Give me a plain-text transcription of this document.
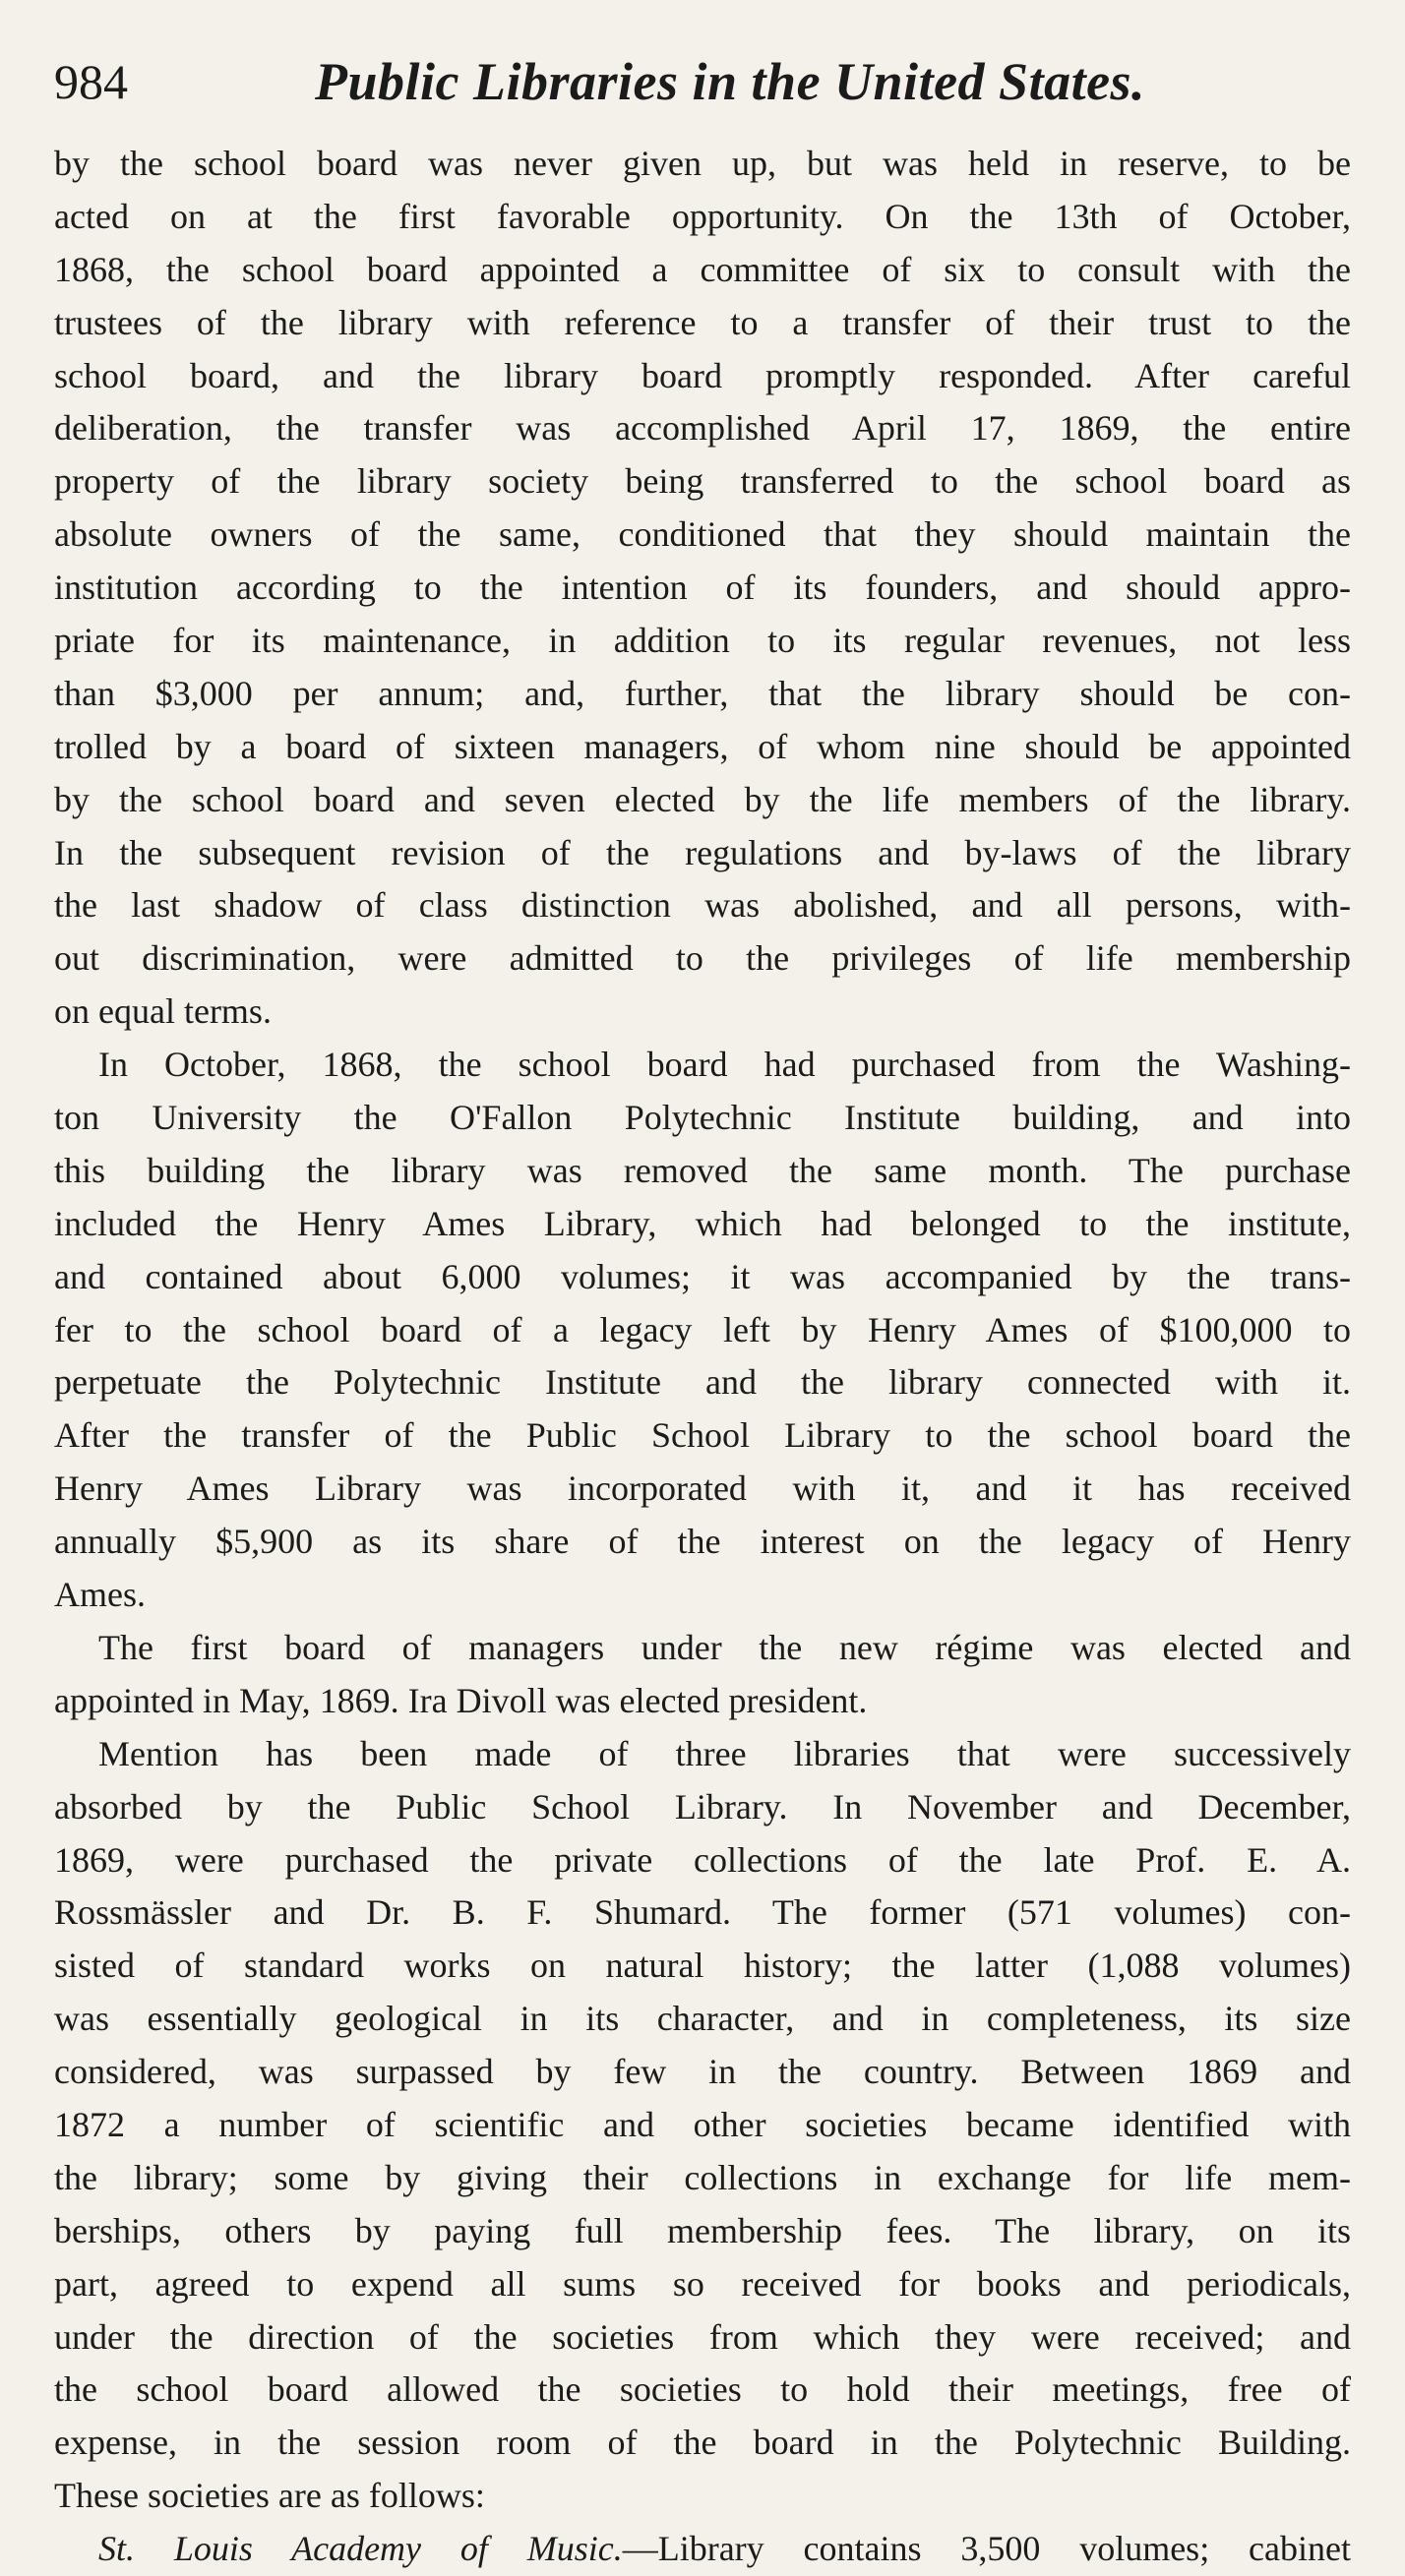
984	Public Libraries in the United States.
by the school board was never given up, but was held in reserve, to be
acted on at the first favorable opportunity. On the 13th of October,
1868, the school board appointed a committee of six to consult with the
trustees of the library with reference to a transfer of their trust to the
school board, and the library board promptly responded. After careful
deliberation, the transfer was accomplished April 17, 1869, the entire
property of the library society being transferred to the school board as
absolute owners of the same, conditioned that they should maintain the
institution according to the intention of its founders, and should appro-
priate for its maintenance, in addition to its regular revenues, not less
than $3,000 per annum; and, further, that the library should be con-
trolled by a board of sixteen managers, of whom nine should be appointed
by the school board and seven elected by the life members of the library.
In the subsequent revision of the regulations and by-laws of the library
the last shadow of class distinction was abolished, and all persons, with-
out discrimination, were admitted to the privileges of life membership
on equal terms.
In October, 1868, the school board had purchased from the Washing-
ton University the O'Fallon Polytechnic Institute building, and into
this building the library was removed the same month. The purchase
included the Henry Ames Library, which had belonged to the institute,
and contained about 6,000 volumes; it was accompanied by the trans-
fer to the school board of a legacy left by Henry Ames of $100,000 to
perpetuate the Polytechnic Institute and the library connected with it.
After the transfer of the Public School Library to the school board the
Henry Ames Library was incorporated with it, and it has received
annually $5,900 as its share of the interest on the legacy of Henry
Ames.
The first board of managers under the new régime was elected and
appointed in May, 1869. Ira Divoll was elected president.
Mention has been made of three libraries that were successively
absorbed by the Public School Library. In November and December,
1869, were purchased the private collections of the late Prof. E. A.
Rossmässler and Dr. B. F. Shumard. The former (571 volumes) con-
sisted of standard works on natural history; the latter (1,088 volumes)
was essentially geological in its character, and in completeness, its size
considered, was surpassed by few in the country. Between 1869 and
1872 a number of scientific and other societies became identified with
the library; some by giving their collections in exchange for life mem-
berships, others by paying full membership fees. The library, on its
part, agreed to expend all sums so received for books and periodicals,
under the direction of the societies from which they were received; and
the school board allowed the societies to hold their meetings, free of
expense, in the session room of the board in the Polytechnic Building.
These societies are as follows:
St. Louis Academy of Music.—Library contains 3,500 volumes; cabinet
